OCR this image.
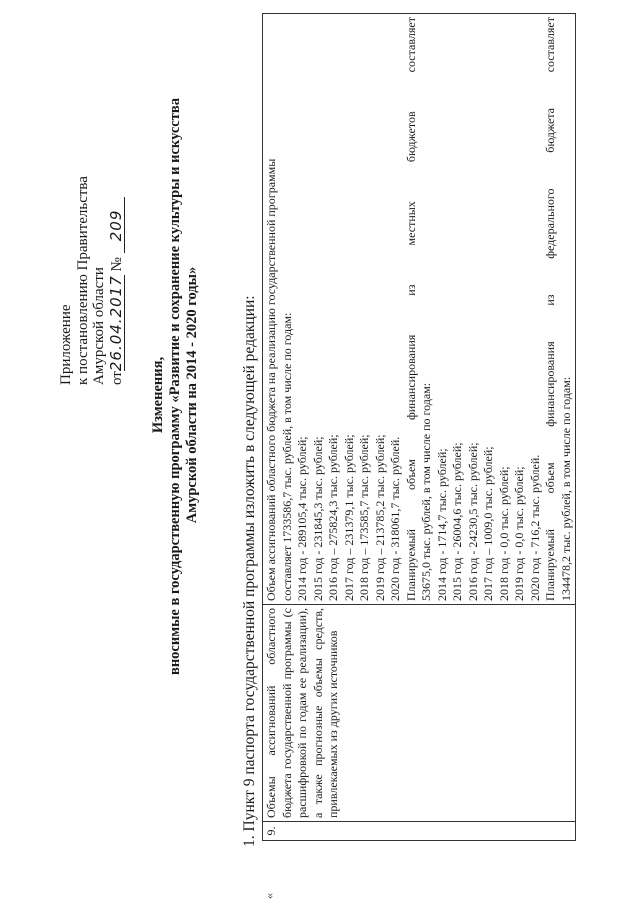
Приложение к постановлению Правительства Амурской области от26.04.2017 № 209
Изменения, вносимые в государственную программу «Развитие и сохранение культуры и искусства Амурской области на 2014 - 2020 годы»	1. Пункт 9 паспорта государственной программы изложить в следующей редакции:
«
9.	Объемы ассигнований областного бюджета государственной программы (с расшифровкой по годам ее реализации), а также прогнозные объемы средств, привлекаемых из других источников	
Объем ассигнований областного бюджета на реализацию государственной программы составляет 1733586,7 тыс. рублей, в том числе по годам: 2014 год - 289105,4 тыс. рублей; 2015 год - 231845,3 тыс. рублей; 2016 год – 275824,3 тыс. рублей; 2017 год – 231379,1 тыс. рублей; 2018 год – 173585,7 тыс. рублей; 2019 год – 213785,2 тыс. рублей; 2020 год - 318061,7 тыс. рублей. Планируемый
объем
финансирования
из
местных
бюджетов
составляет
53675,0 тыс. рублей, в том числе по годам: 2014 год - 1714,7 тыс. рублей; 2015 год - 26004,6 тыс. рублей; 2016 год - 24230,5 тыс. рублей; 2017 год – 1009,0 тыс. рублей; 2018 год - 0,0 тыс. рублей; 2019 год - 0,0 тыс. рублей; 2020 год - 716,2 тыс. рублей. Планируемый
объем
финансирования
из
федерального
бюджета
составляет
134478,2 тыс. рублей, в том числе по годам:
